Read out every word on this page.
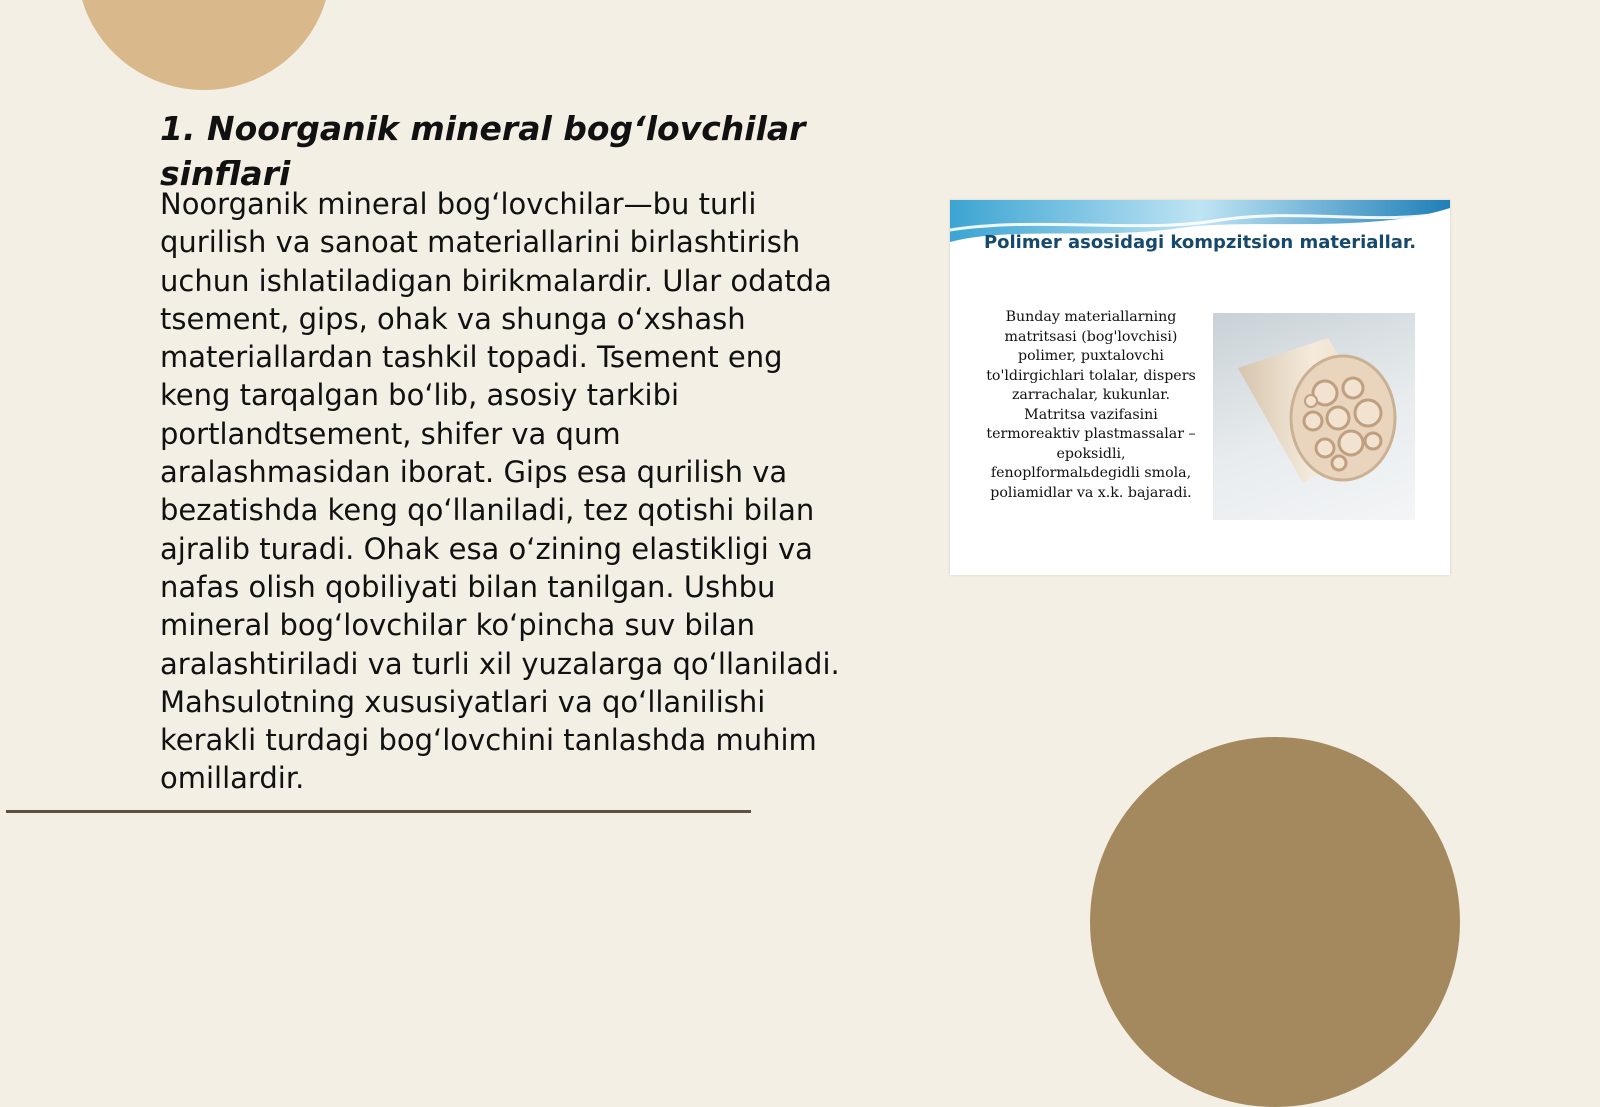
1. Noorganik mineral bog‘lovchilar sinflari

Noorganik mineral bog‘lovchilar—bu turli qurilish va sanoat materiallarini birlashtirish uchun ishlatiladigan birikmalardir. Ular odatda tsement, gips, ohak va shunga o‘xshash materiallardan tashkil topadi. Tsement eng keng tarqalgan bo‘lib, asosiy tarkibi portlandtsement, shifer va qum aralashmasidan iborat. Gips esa qurilish va bezatishda keng qo‘llaniladi, tez qotishi bilan ajralib turadi. Ohak esa o‘zining elastikligi va nafas olish qobiliyati bilan tanilgan. Ushbu mineral bog‘lovchilar ko‘pincha suv bilan aralashtiriladi va turli xil yuzalarga qo‘llaniladi. Mahsulotning xususiyatlari va qo‘llanilishi kerakli turdagi bog‘lovchini tanlashda muhim omillardir.

Polimer asosidagi kompzitsion materiallar.

Bunday materiallarning matritsasi (bog'lovchisi) polimer, puxtalovchi to'ldirgichlari tolalar, dispers zarrachalar, kukunlar. Matritsa vazifasini termoreaktiv plastmassalar – epoksidli, fenoplformalьdegidli smola, poliamidlar va x.k. bajaradi.
